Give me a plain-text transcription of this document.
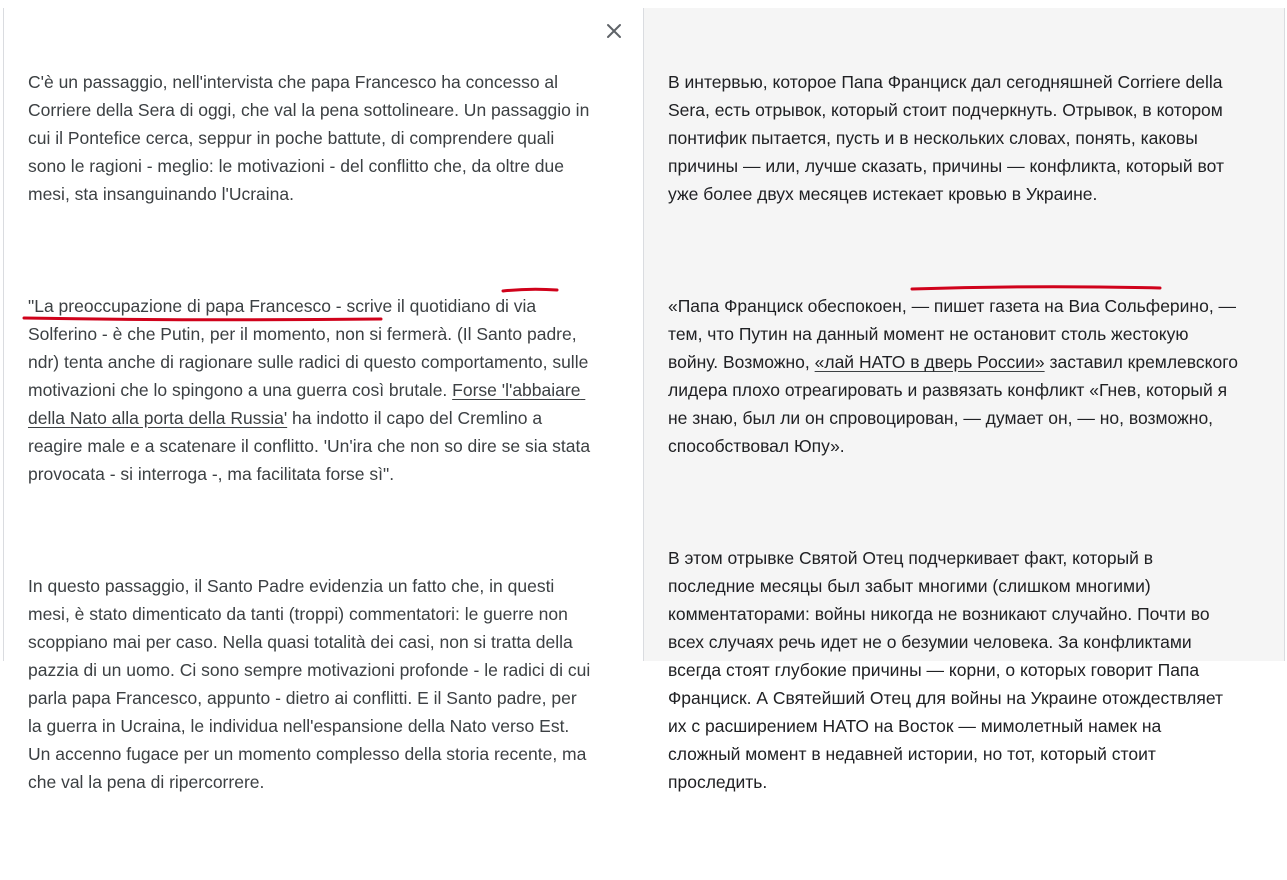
C'è un passaggio, nell'intervista che papa Francesco ha concesso al Corriere della Sera di oggi, che val la pena sottolineare. Un passaggio in cui il Pontefice cerca, seppur in poche battute, di comprendere quali sono le ragioni - meglio: le motivazioni - del conflitto che, da oltre due mesi, sta insanguinando l'Ucraina.

"La preoccupazione di papa Francesco - scrive il quotidiano di via Solferino - è che Putin, per il momento, non si fermerà. (Il Santo padre, ndr) tenta anche di ragionare sulle radici di questo comportamento, sulle motivazioni che lo spingono a una guerra così brutale. Forse 'l'abbaiare della Nato alla porta della Russia' ha indotto il capo del Cremlino a reagire male e a scatenare il conflitto. 'Un'ira che non so dire se sia stata provocata - si interroga -, ma facilitata forse sì".

In questo passaggio, il Santo Padre evidenzia un fatto che, in questi mesi, è stato dimenticato da tanti (troppi) commentatori: le guerre non scoppiano mai per caso. Nella quasi totalità dei casi, non si tratta della pazzia di un uomo. Ci sono sempre motivazioni profonde - le radici di cui parla papa Francesco, appunto - dietro ai conflitti. E il Santo padre, per la guerra in Ucraina, le individua nell'espansione della Nato verso Est. Un accenno fugace per un momento complesso della storia recente, ma che val la pena di ripercorrere.

В интервью, которое Папа Франциск дал сегодняшней Corriere della Sera, есть отрывок, который стоит подчеркнуть. Отрывок, в котором понтифик пытается, пусть и в нескольких словах, понять, каковы причины — или, лучше сказать, причины — конфликта, который вот уже более двух месяцев истекает кровью в Украине.

«Папа Франциск обеспокоен, — пишет газета на Виа Сольферино, — тем, что Путин на данный момент не остановит столь жестокую войну. Возможно, «лай НАТО в дверь России» заставил кремлевского лидера плохо отреагировать и развязать конфликт «Гнев, который я не знаю, был ли он спровоцирован, — думает он, — но, возможно, способствовал Юпу».

В этом отрывке Святой Отец подчеркивает факт, который в последние месяцы был забыт многими (слишком многими) комментаторами: войны никогда не возникают случайно. Почти во всех случаях речь идет не о безумии человека. За конфликтами всегда стоят глубокие причины — корни, о которых говорит Папа Франциск. А Святейший Отец для войны на Украине отождествляет их с расширением НАТО на Восток — мимолетный намек на сложный момент в недавней истории, но тот, который стоит проследить.
